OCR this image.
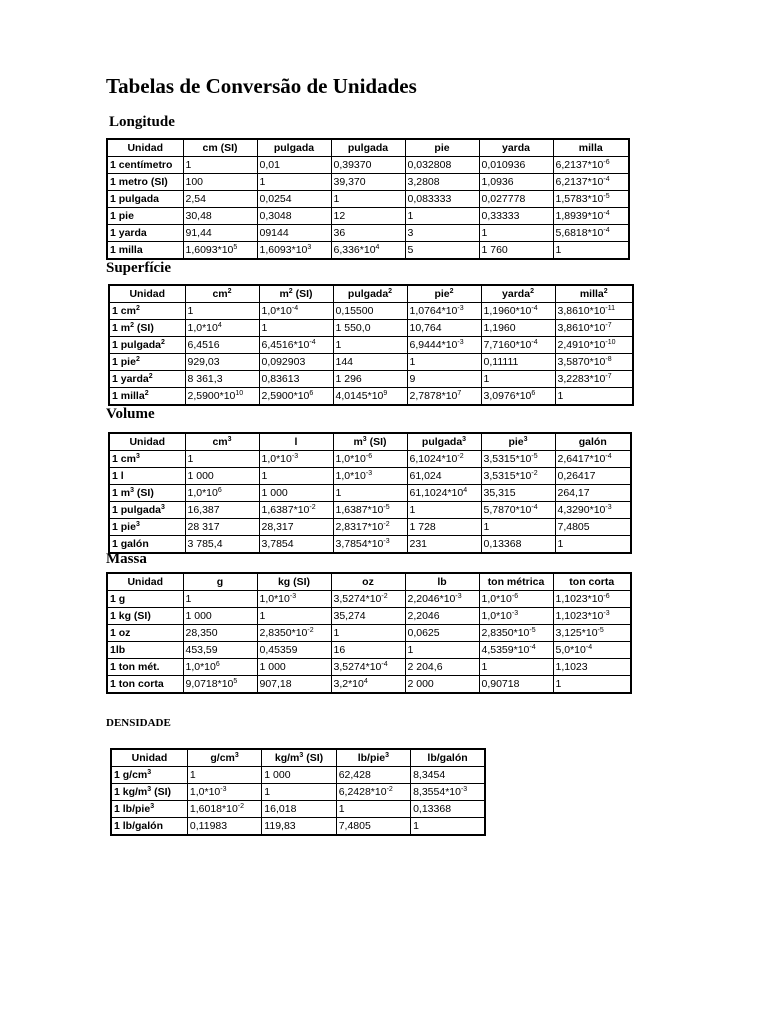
Tabelas de Conversão de Unidades
Longitude
Unidad	cm (SI)	pulgada	pulgada	pie	yarda	milla
1 centímetro	1	0,01	0,39370	0,032808	0,010936	$6,2137*10^{-6}$
1 metro (SI)	100	1	39,370	3,2808	1,0936	$6,2137*10^{-4}$
1 pulgada	2,54	0,0254	1	0,083333	0,027778	$1,5783*10^{-5}$
1 pie	30,48	0,3048	12	1	0,33333	$1,8939*10^{-4}$
1 yarda	91,44	09144	36	3	1	$5,6818*10^{-4}$
1 milla	$1,6093*10^5$	$1,6093*10^3$	$6,336*10^4$	5	1 760	1
Superfície
Unidad	$cm^2$	$m^2$ (SI)	pulgada$^2$	pie$^2$	yarda$^2$	milla$^2$
1 $cm^2$	1	$1,0*10^{-4}$	0,15500	$1,0764*10^{-3}$	$1,1960*10^{-4}$	$3,8610*10^{-11}$
1 $m^2$ (SI)	$1,0*10^4$	1	1 550,0	10,764	1,1960	$3,8610*10^{-7}$
1 pulgada$^2$	6,4516	$6,4516*10^{-4}$	1	$6,9444*10^{-3}$	$7,7160*10^{-4}$	$2,4910*10^{-10}$
1 pie$^2$	929,03	0,092903	144	1	0,11111	$3,5870*10^{-8}$
1 yarda$^2$	8 361,3	0,83613	1 296	9	1	$3,2283*10^{-7}$
1 milla$^2$	$2,5900*10^{10}$	$2,5900*10^6$	$4,0145*10^9$	$2,7878*10^7$	$3,0976*10^6$	1
Volume
Unidad	$cm^3$	l	$m^3$ (SI)	pulgada$^3$	pie$^3$	galón
1 $cm^3$	1	$1,0*10^{-3}$	$1,0*10^{-6}$	$6,1024*10^{-2}$	$3,5315*10^{-5}$	$2,6417*10^{-4}$
1 l	1 000	1	$1,0*10^{-3}$	61,024	$3,5315*10^{-2}$	0,26417
1 $m^3$ (SI)	$1,0*10^6$	1 000	1	$61,1024*10^4$	35,315	264,17
1 pulgada$^3$	16,387	$1,6387*10^{-2}$	$1,6387*10^{-5}$	1	$5,7870*10^{-4}$	$4,3290*10^{-3}$
1 pie$^3$	28 317	28,317	$2,8317*10^{-2}$	1 728	1	7,4805
1 galón	3 785,4	3,7854	$3,7854*10^{-3}$	231	0,13368	1
Massa
Unidad	g	kg (SI)	oz	lb	ton métrica	ton corta
1 g	1	$1,0*10^{-3}$	$3,5274*10^{-2}$	$2,2046*10^{-3}$	$1,0*10^{-6}$	$1,1023*10^{-6}$
1 kg (SI)	1 000	1	35,274	2,2046	$1,0*10^{-3}$	$1,1023*10^{-3}$
1 oz	28,350	$2,8350*10^{-2}$	1	0,0625	$2,8350*10^{-5}$	$3,125*10^{-5}$
1lb	453,59	0,45359	16	1	$4,5359*10^{-4}$	$5,0*10^{-4}$
1 ton mét.	$1,0*10^6$	1 000	$3,5274*10^{-4}$	2 204,6	1	1,1023
1 ton corta	$9,0718*10^5$	907,18	$3,2*10^4$	2 000	0,90718	1
DENSIDADE
Unidad	$g/cm^3$	$kg/m^3$ (SI)	lb/pie$^3$	lb/galón
1 $g/cm^3$	1	1 000	62,428	8,3454
1 $kg/m^3$ (SI)	$1,0*10^{-3}$	1	$6,2428*10^{-2}$	$8,3554*10^{-3}$
1 lb/pie$^3$	$1,6018*10^{-2}$	16,018	1	0,13368
1 lb/galón	0,11983	119,83	7,4805	1
